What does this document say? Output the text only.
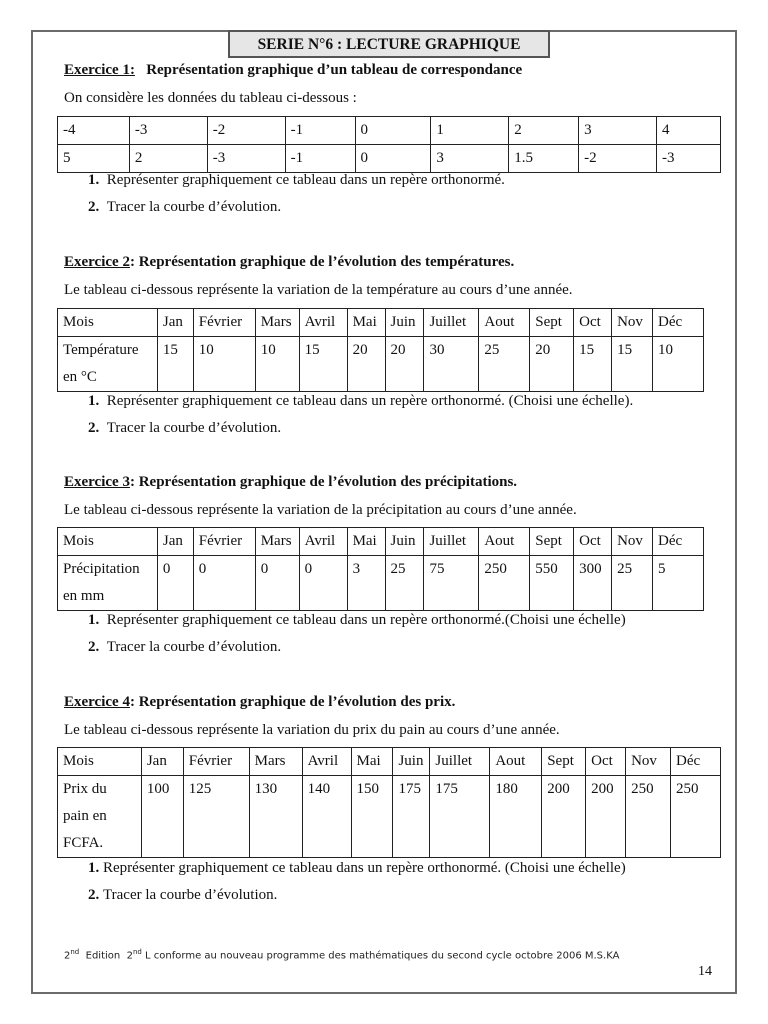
SERIE N°6 : LECTURE GRAPHIQUE
Exercice 1: Représentation graphique d’un tableau de correspondance
On considère les données du tableau ci-dessous :
-4	-3	-2	-1	0	1	2	3	4
5	2	-3	-1	0	3	1.5	-2	-3
1. Représenter graphiquement ce tableau dans un repère orthonormé.
2. Tracer la courbe d’évolution.
Exercice 2: Représentation graphique de l’évolution des températures.
Le tableau ci-dessous représente la variation de la température au cours d’une année.
Mois	Jan	Février	Mars	Avril	Mai	Juin	Juillet	Aout	Sept	Oct	Nov	Déc

Température
en °C	15	10	10	15	20	20	30	25	20	15	15	10
1. Représenter graphiquement ce tableau dans un repère orthonormé. (Choisi une échelle).
2. Tracer la courbe d’évolution.
Exercice 3: Représentation graphique de l’évolution des précipitations.
Le tableau ci-dessous représente la variation de la précipitation au cours d’une année.
Mois	Jan	Février	Mars	Avril	Mai	Juin	Juillet	Aout	Sept	Oct	Nov	Déc

Précipitation
en mm	0	0	0	0	3	25	75	250	550	300	25	5
1. Représenter graphiquement ce tableau dans un repère orthonormé.(Choisi une échelle)
2. Tracer la courbe d’évolution.
Exercice 4: Représentation graphique de l’évolution des prix.
Le tableau ci-dessous représente la variation du prix du pain au cours d’une année.
Mois	Jan	Février	Mars	Avril	Mai	Juin	Juillet	Aout	Sept	Oct	Nov	Déc

Prix du
pain en
FCFA.	100	125	130	140	150	175	175	180	200	200	250	250
1. Représenter graphiquement ce tableau dans un repère orthonormé. (Choisi une échelle)
2. Tracer la courbe d’évolution.
2nd Edition 2nd L conforme au nouveau programme des mathématiques du second cycle octobre 2006 M.S.KA
14
